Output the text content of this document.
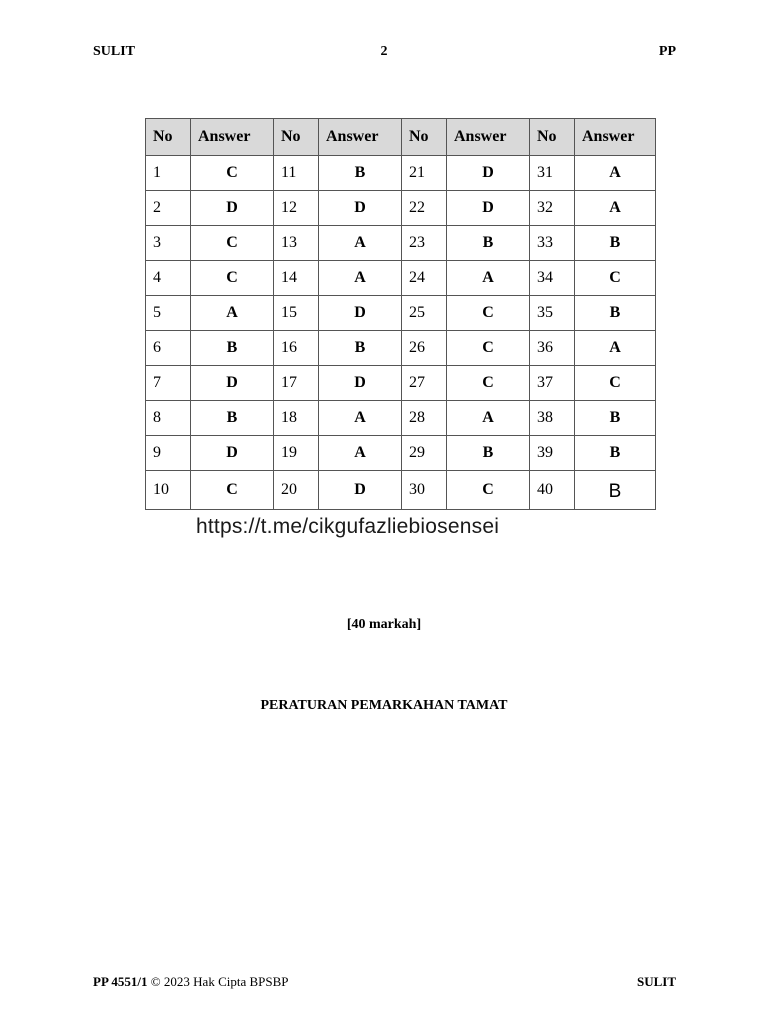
SULIT	2	PP
No	Answer	No	Answer	No	Answer	No	Answer
1	C	11	B	21	D	31	A
2	D	12	D	22	D	32	A
3	C	13	A	23	B	33	B
4	C	14	A	24	A	34	C
5	A	15	D	25	C	35	B
6	B	16	B	26	C	36	A
7	D	17	D	27	C	37	C
8	B	18	A	28	A	38	B
9	D	19	A	29	B	39	B
10	C	20	D	30	C	40	B
https://t.me/cikgufazliebiosensei
[40 markah]
PERATURAN PEMARKAHAN TAMAT
PP 4551/1 © 2023 Hak Cipta BPSBP	SULIT
